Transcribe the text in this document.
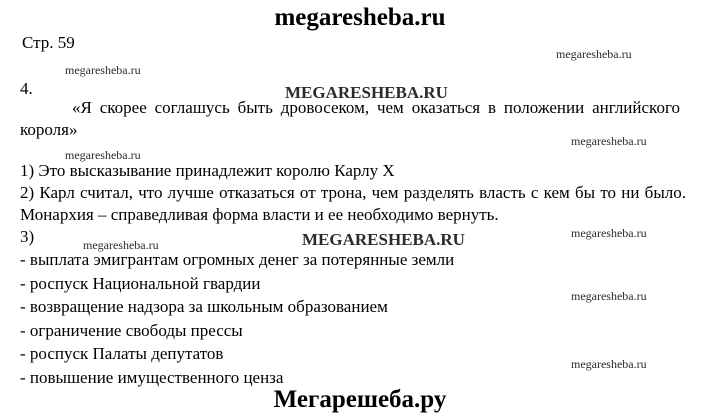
megaresheba.ru
Стр. 59
megaresheba.ru
megaresheba.ru
MEGARESHEBA.RU
4.
«Я скорее соглашусь быть дровосеком, чем оказаться в положении английского короля»
megaresheba.ru
megaresheba.ru
1) Это высказывание принадлежит королю Карлу X
2) Карл считал, что лучше отказаться от трона, чем разделять власть с кем бы то ни было. Монархия – справедливая форма власти и ее необходимо вернуть.
3)	megaresheba.ru
MEGARESHEBA.RU
megaresheba.ru
- выплата эмигрантам огромных денег за потерянные земли
- роспуск Национальной гвардии
- возвращение надзора за школьным образованием
- ограничение свободы прессы
- роспуск Палаты депутатов
- повышение имущественного ценза
megaresheba.ru
megaresheba.ru
Мегарешеба.ру
